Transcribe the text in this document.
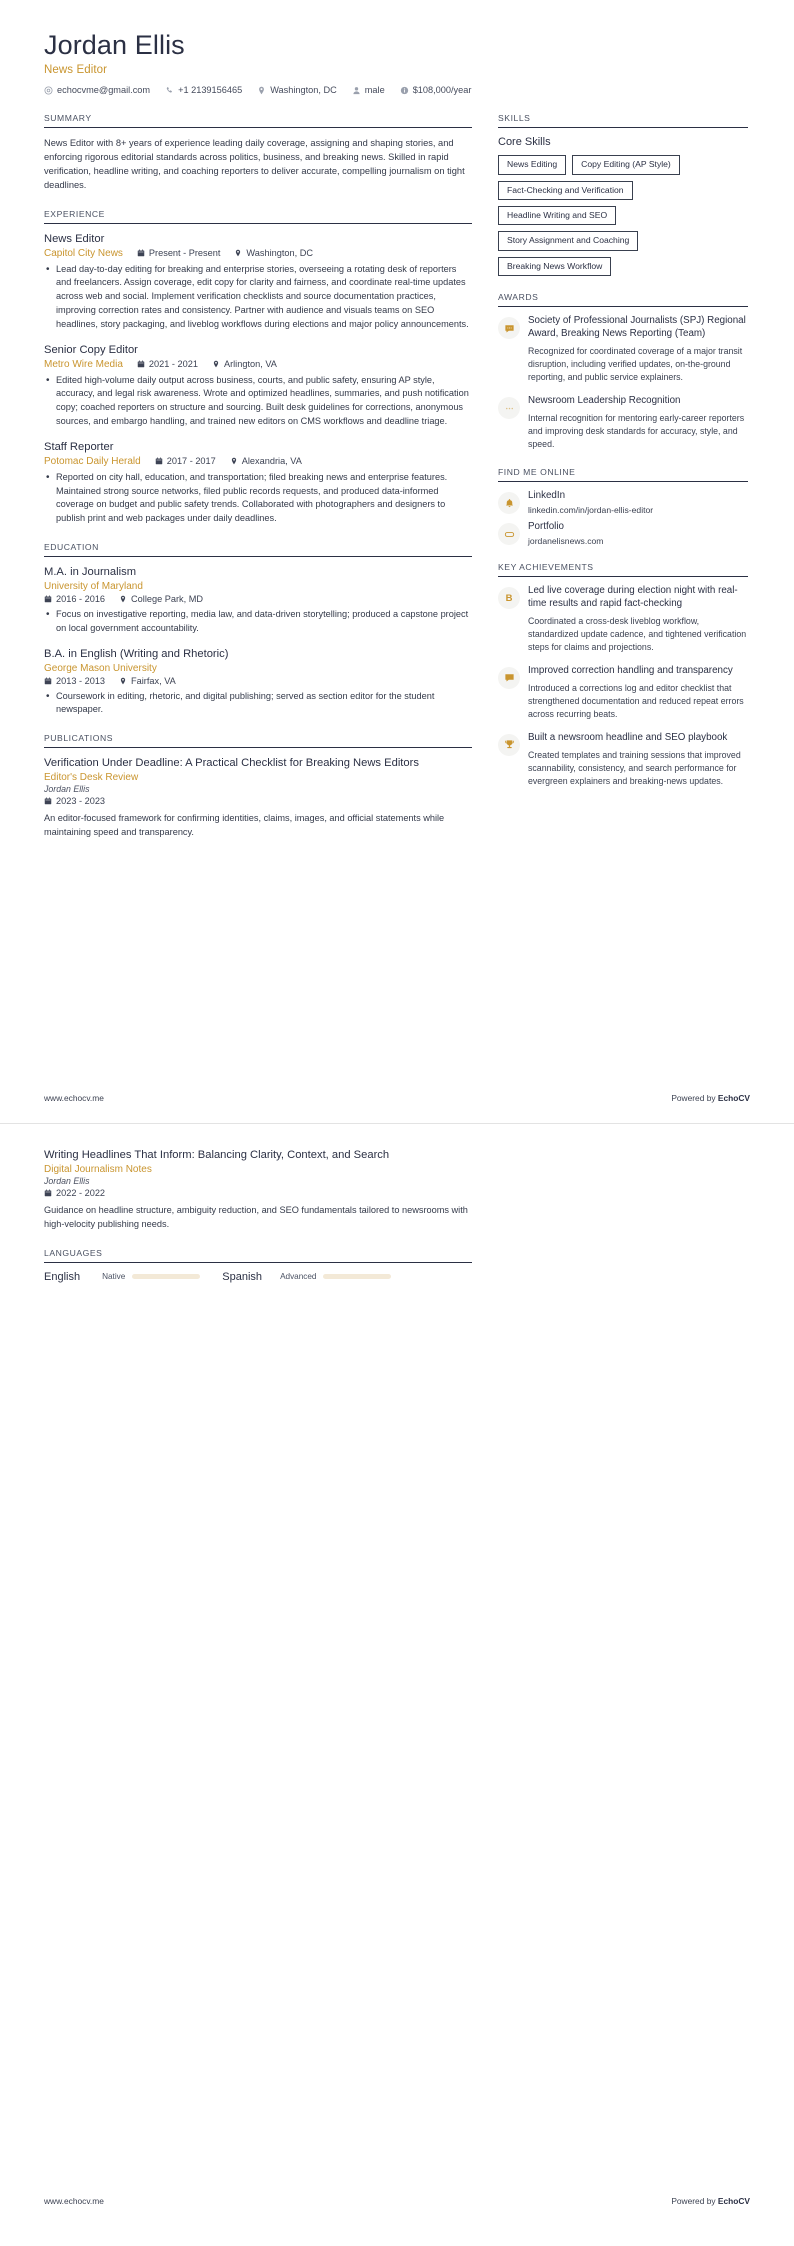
Jordan Ellis
News Editor
echocvme@gmail.com	+1 2139156465	Washington, DC	male	$108,000/year
SUMMARY

News Editor with 8+ years of experience leading daily coverage, assigning and shaping stories, and enforcing rigorous editorial standards across politics, business, and breaking news. Skilled in rapid verification, headline writing, and coaching reporters to deliver accurate, compelling journalism on tight deadlines.

EXPERIENCE
News Editor
Capitol City News	Present - Present	Washington, DC
• Lead day-to-day editing for breaking and enterprise stories, overseeing a rotating desk of reporters and freelancers. Assign coverage, edit copy for clarity and fairness, and coordinate real-time updates across web and social. Implement verification checklists and source documentation practices, improving correction rates and consistency. Partner with audience and visuals teams on SEO headlines, story packaging, and liveblog workflows during elections and major policy announcements.
Senior Copy Editor
Metro Wire Media	2021 - 2021	Arlington, VA
• Edited high-volume daily output across business, courts, and public safety, ensuring AP style, accuracy, and legal risk awareness. Wrote and optimized headlines, summaries, and push notification copy; coached reporters on structure and sourcing. Built desk guidelines for corrections, anonymous sources, and embargo handling, and trained new editors on CMS workflows and deadline triage.
Staff Reporter
Potomac Daily Herald	2017 - 2017	Alexandria, VA
• Reported on city hall, education, and transportation; filed breaking news and enterprise features. Maintained strong source networks, filed public records requests, and produced data-informed coverage on budget and public safety trends. Collaborated with photographers and designers to publish print and web packages under daily deadlines.
EDUCATION
M.A. in Journalism
University of Maryland
2016 - 2016	College Park, MD
• Focus on investigative reporting, media law, and data-driven storytelling; produced a capstone project on local government accountability.
B.A. in English (Writing and Rhetoric)
George Mason University
2013 - 2013	Fairfax, VA
• Coursework in editing, rhetoric, and digital publishing; served as section editor for the student newspaper.
PUBLICATIONS
Verification Under Deadline: A Practical Checklist for Breaking News Editors
Editor's Desk Review
Jordan Ellis
2023 - 2023

An editor-focused framework for confirming identities, claims, images, and official statements while maintaining speed and transparency.

SKILLS
Core Skills
News Editing	Copy Editing (AP Style)
Fact-Checking and Verification
Headline Writing and SEO
Story Assignment and Coaching
Breaking News Workflow
AWARDS
Society of Professional Journalists (SPJ) Regional Award, Breaking News Reporting (Team)

Recognized for coordinated coverage of a major transit disruption, including verified updates, on-the-ground reporting, and public service explainers.

Newsroom Leadership Recognition

Internal recognition for mentoring early-career reporters and improving desk standards for accuracy, style, and speed.

FIND ME ONLINE
LinkedIn

linkedin.com/in/jordan-ellis-editor

Portfolio

jordanelisnews.com

KEY ACHIEVEMENTS
B
Led live coverage during election night with real-time results and rapid fact-checking

Coordinated a cross-desk liveblog workflow, standardized update cadence, and tightened verification steps for claims and projections.

Improved correction handling and transparency

Introduced a corrections log and editor checklist that strengthened documentation and reduced repeat errors across recurring beats.

Built a newsroom headline and SEO playbook

Created templates and training sessions that improved scannability, consistency, and search performance for evergreen explainers and breaking-news updates.

www.echocv.me	Powered by EchoCV
Writing Headlines That Inform: Balancing Clarity, Context, and Search
Digital Journalism Notes
Jordan Ellis
2022 - 2022

Guidance on headline structure, ambiguity reduction, and SEO fundamentals tailored to newsrooms with high-velocity publishing needs.

LANGUAGES
English	Native	Spanish Advanced
www.echocv.me	Powered by EchoCV
